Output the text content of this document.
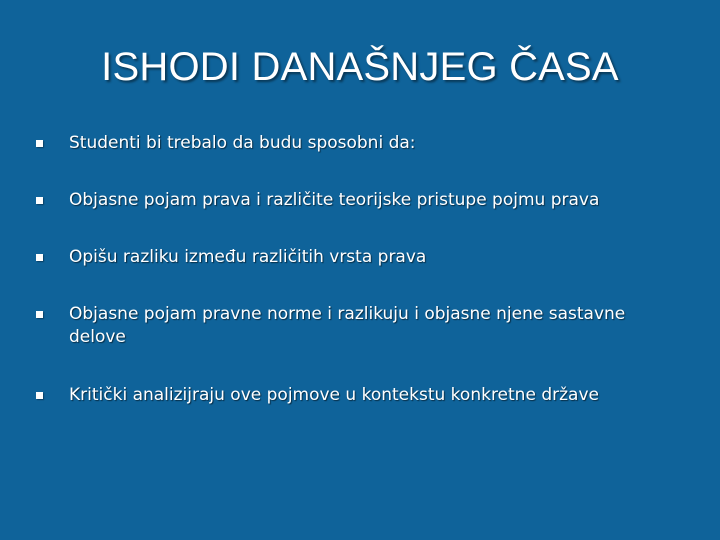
ISHODI DANAŠNJEG ČASA
Studenti bi trebalo da budu sposobni da:
Objasne pojam prava i različite teorijske pristupe pojmu prava
Opišu razliku između različitih vrsta prava
Objasne pojam pravne norme i razlikuju i objasne njene sastavne delove
Kritički analizijraju ove pojmove u kontekstu konkretne države
